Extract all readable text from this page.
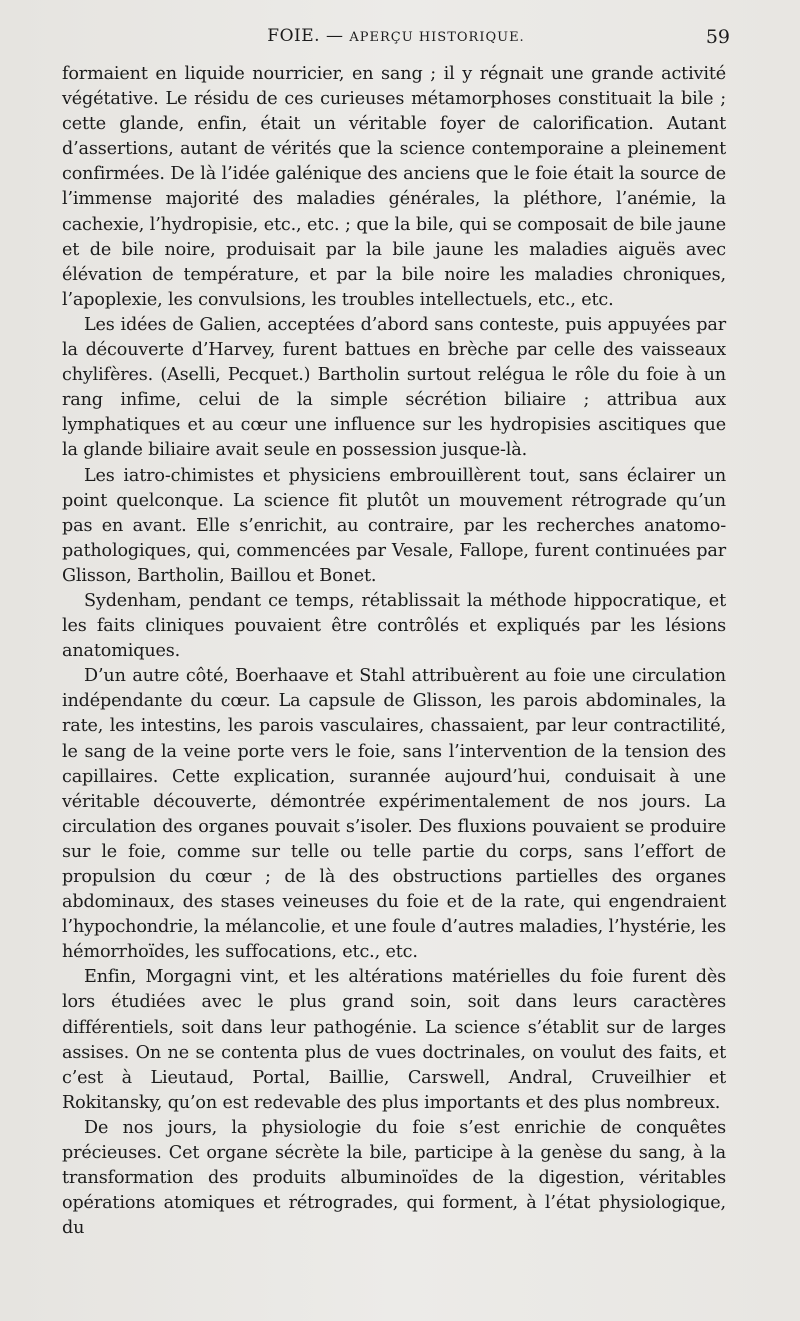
FOIE. — APERÇU HISTORIQUE.	59

formaient en liquide nourricier, en sang ; il y régnait une grande activité végétative. Le résidu de ces curieuses métamorphoses constituait la bile ; cette glande, enfin, était un véritable foyer de calorification. Autant d’assertions, autant de vérités que la science contemporaine a pleinement confirmées. De là l’idée galénique des anciens que le foie était la source de l’immense majorité des maladies générales, la pléthore, l’anémie, la cachexie, l’hydropisie, etc., etc. ; que la bile, qui se composait de bile jaune et de bile noire, produisait par la bile jaune les maladies aiguës avec élévation de température, et par la bile noire les maladies chroniques, l’apoplexie, les convulsions, les troubles intellectuels, etc., etc.

Les idées de Galien, acceptées d’abord sans conteste, puis appuyées par la découverte d’Harvey, furent battues en brèche par celle des vaisseaux chylifères. (Aselli, Pecquet.) Bartholin surtout relégua le rôle du foie à un rang infime, celui de la simple sécrétion biliaire ; attribua aux lymphatiques et au cœur une influence sur les hydropisies ascitiques que la glande biliaire avait seule en possession jusque-là.

Les iatro-chimistes et physiciens embrouillèrent tout, sans éclairer un point quelconque. La science fit plutôt un mouvement rétrograde qu’un pas en avant. Elle s’enrichit, au contraire, par les recherches anatomo-pathologiques, qui, commencées par Vesale, Fallope, furent continuées par Glisson, Bartholin, Baillou et Bonet.

Sydenham, pendant ce temps, rétablissait la méthode hippocratique, et les faits cliniques pouvaient être contrôlés et expliqués par les lésions anatomiques.

D’un autre côté, Boerhaave et Stahl attribuèrent au foie une circulation indépendante du cœur. La capsule de Glisson, les parois abdominales, la rate, les intestins, les parois vasculaires, chassaient, par leur contractilité, le sang de la veine porte vers le foie, sans l’intervention de la tension des capillaires. Cette explication, surannée aujourd’hui, conduisait à une véritable découverte, démontrée expérimentalement de nos jours. La circulation des organes pouvait s’isoler. Des fluxions pouvaient se produire sur le foie, comme sur telle ou telle partie du corps, sans l’effort de propulsion du cœur ; de là des obstructions partielles des organes abdominaux, des stases veineuses du foie et de la rate, qui engendraient l’hypochondrie, la mélancolie, et une foule d’autres maladies, l’hystérie, les hémorrhoïdes, les suffocations, etc., etc.

Enfin, Morgagni vint, et les altérations matérielles du foie furent dès lors étudiées avec le plus grand soin, soit dans leurs caractères différentiels, soit dans leur pathogénie. La science s’établit sur de larges assises. On ne se contenta plus de vues doctrinales, on voulut des faits, et c’est à Lieutaud, Portal, Baillie, Carswell, Andral, Cruveilhier et Rokitansky, qu’on est redevable des plus importants et des plus nombreux.

De nos jours, la physiologie du foie s’est enrichie de conquêtes précieuses. Cet organe sécrète la bile, participe à la genèse du sang, à la transformation des produits albuminoïdes de la digestion, véritables opérations atomiques et rétrogrades, qui forment, à l’état physiologique, du
